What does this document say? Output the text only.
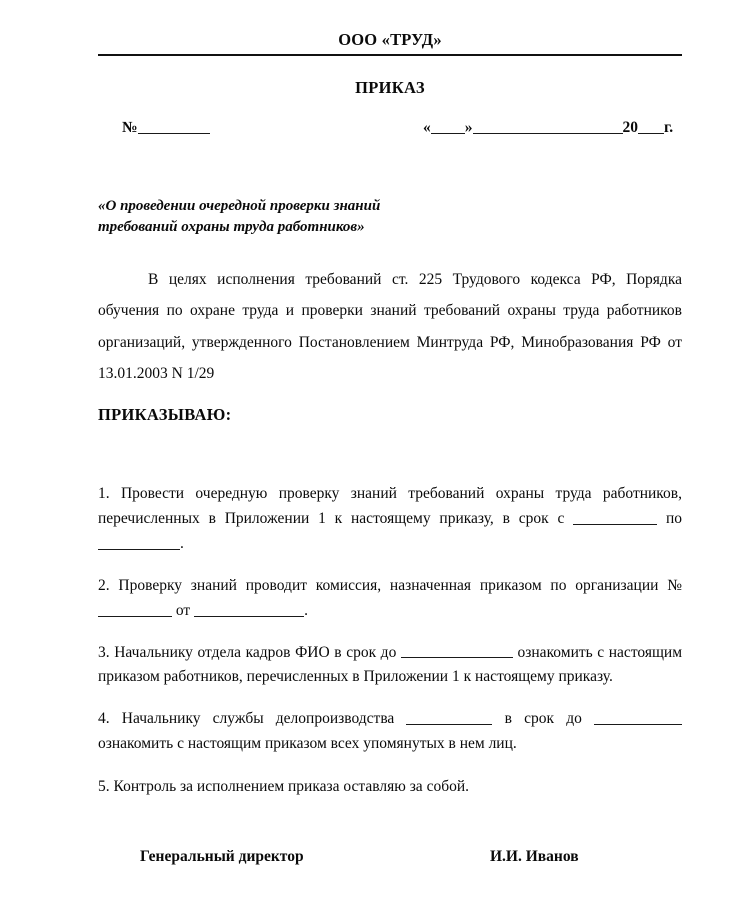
ООО «ТРУД»
ПРИКАЗ
№	« »	20 г.
«О проведении очередной проверки знаний
требований охраны труда работников»
В целях исполнения требований ст. 225 Трудового кодекса РФ, Порядка обучения по охране труда и проверки знаний требований охраны труда работников организаций, утвержденного Постановлением Минтруда РФ, Минобразования РФ от 13.01.2003 N 1/29
ПРИКАЗЫВАЮ:
1. Провести очередную проверку знаний требований охраны труда работников, перечисленных в Приложении 1 к настоящему приказу, в срок с	по .
2. Проверку знаний проводит комиссия, назначенная приказом по организации № от	.
3. Начальнику отдела кадров ФИО в срок до	ознакомить с настоящим приказом работников, перечисленных в Приложении 1 к настоящему приказу.
4. Начальнику службы делопроизводства	в срок до  ознакомить с настоящим приказом всех упомянутых в нем лиц.
5. Контроль за исполнением приказа оставляю за собой.
Генеральный директор	И.И. Иванов
